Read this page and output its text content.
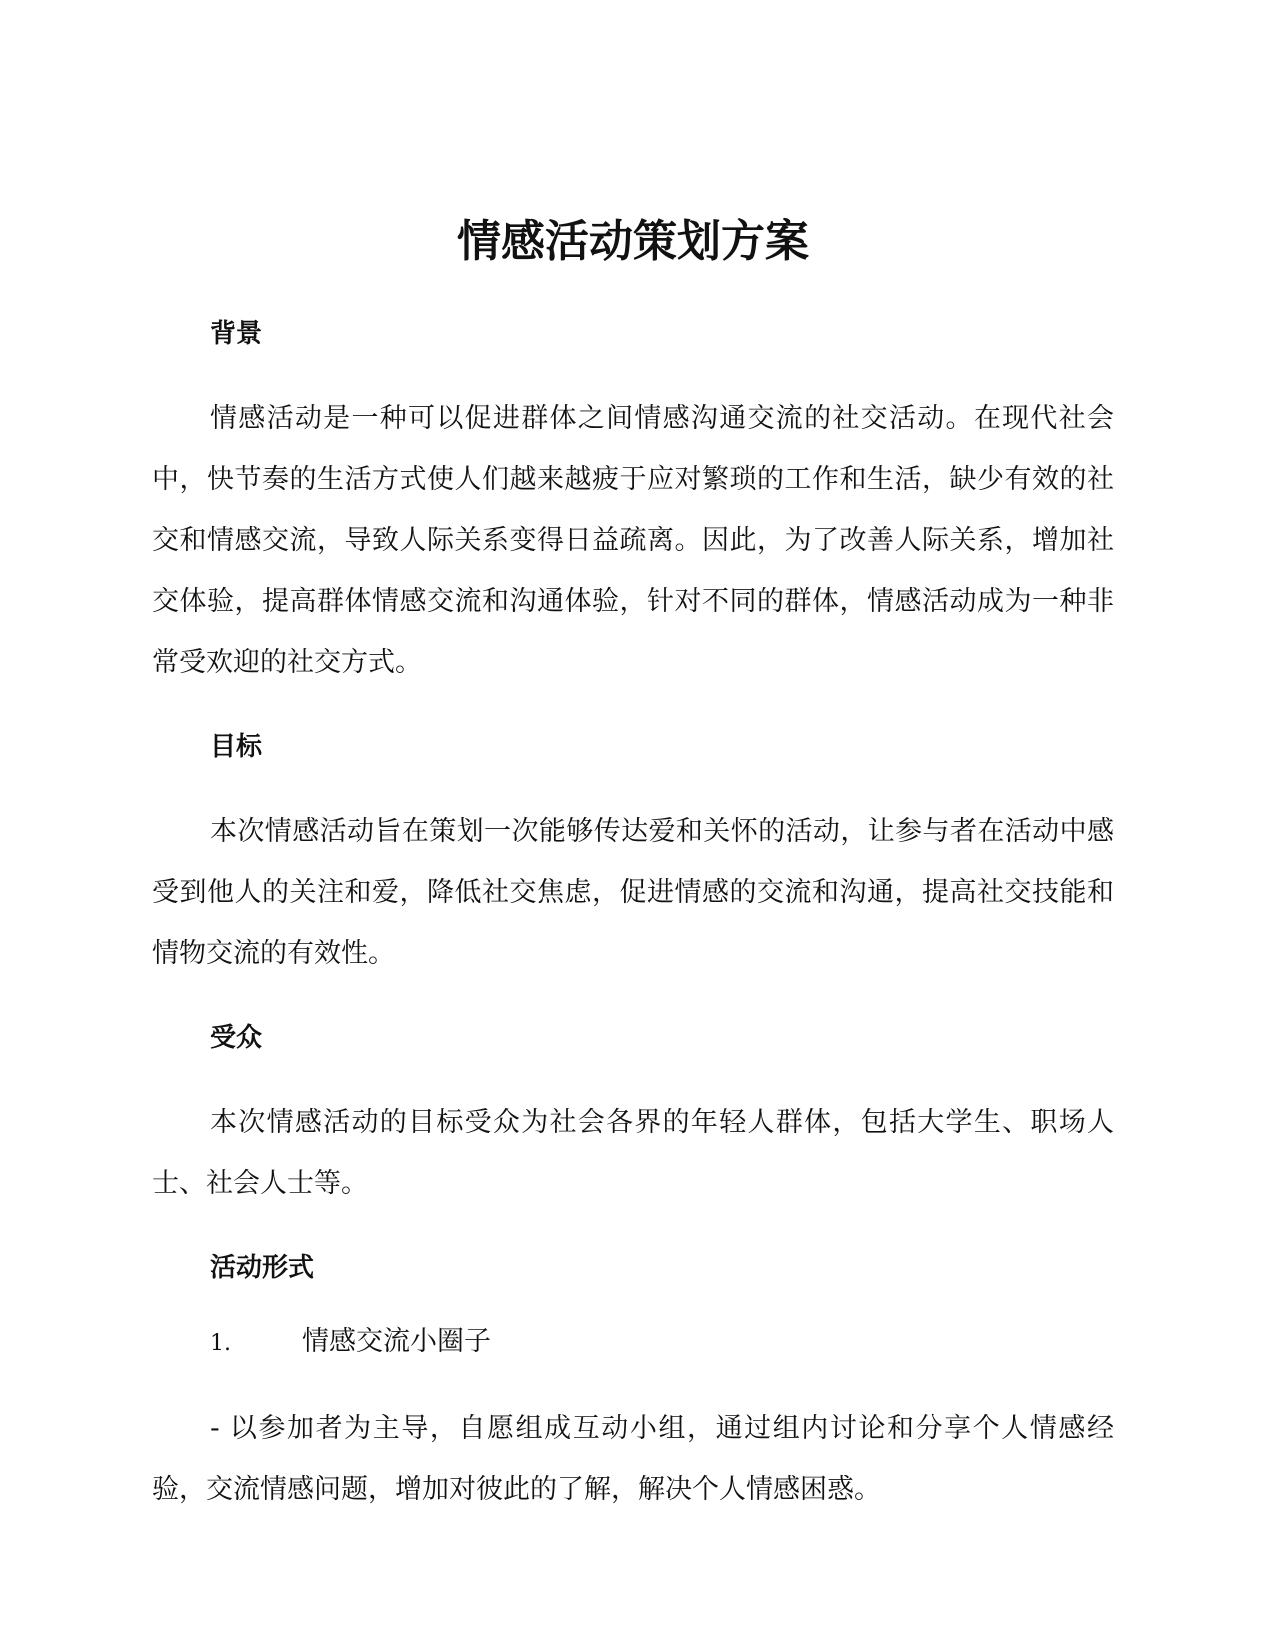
情感活动策划方案
背景

情感活动是一种可以促进群体之间情感沟通交流的社交活动。在现代社会中，快节奏的生活方式使人们越来越疲于应对繁琐的工作和生活，缺少有效的社交和情感交流，导致人际关系变得日益疏离。因此，为了改善人际关系，增加社交体验，提高群体情感交流和沟通体验，针对不同的群体，情感活动成为一种非常受欢迎的社交方式。

目标

本次情感活动旨在策划一次能够传达爱和关怀的活动，让参与者在活动中感受到他人的关注和爱，降低社交焦虑，促进情感的交流和沟通，提高社交技能和情物交流的有效性。

受众

本次情感活动的目标受众为社会各界的年轻人群体，包括大学生、职场人士、社会人士等。

活动形式
1.	情感交流小圈子

- 以参加者为主导，自愿组成互动小组，通过组内讨论和分享个人情感经验，交流情感问题，增加对彼此的了解，解决个人情感困惑。
